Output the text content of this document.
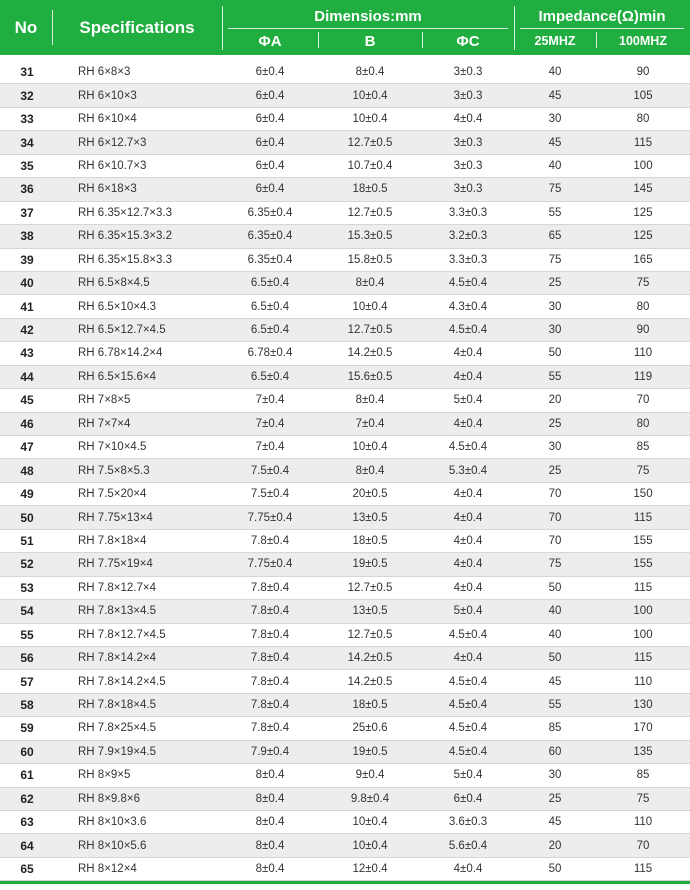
No	Specifications
Dimensios:mm	Impedance(Ω)min
ΦA	B	ΦC	25MHZ	100MHZ
31	RH 6×8×3	6±0.4	8±0.4	3±0.3	40	90
32	RH 6×10×3	6±0.4	10±0.4	3±0.3	45	105
33	RH 6×10×4	6±0.4	10±0.4	4±0.4	30	80
34	RH 6×12.7×3	6±0.4	12.7±0.5	3±0.3	45	115
35	RH 6×10.7×3	6±0.4	10.7±0.4	3±0.3	40	100
36	RH 6×18×3	6±0.4	18±0.5	3±0.3	75	145
37	RH 6.35×12.7×3.3	6.35±0.4	12.7±0.5	3.3±0.3	55	125
38	RH 6.35×15.3×3.2	6.35±0.4	15.3±0.5	3.2±0.3	65	125
39	RH 6.35×15.8×3.3	6.35±0.4	15.8±0.5	3.3±0.3	75	165
40	RH 6.5×8×4.5	6.5±0.4	8±0.4	4.5±0.4	25	75
41	RH 6.5×10×4.3	6.5±0.4	10±0.4	4.3±0.4	30	80
42	RH 6.5×12.7×4.5	6.5±0.4	12.7±0.5	4.5±0.4	30	90
43	RH 6.78×14.2×4	6.78±0.4	14.2±0.5	4±0.4	50	110
44	RH 6.5×15.6×4	6.5±0.4	15.6±0.5	4±0.4	55	119
45	RH 7×8×5	7±0.4	8±0.4	5±0.4	20	70
46	RH 7×7×4	7±0.4	7±0.4	4±0.4	25	80
47	RH 7×10×4.5	7±0.4	10±0.4	4.5±0.4	30	85
48	RH 7.5×8×5.3	7.5±0.4	8±0.4	5.3±0.4	25	75
49	RH 7.5×20×4	7.5±0.4	20±0.5	4±0.4	70	150
50	RH 7.75×13×4	7.75±0.4	13±0.5	4±0.4	70	115
51	RH 7.8×18×4	7.8±0.4	18±0.5	4±0.4	70	155
52	RH 7.75×19×4	7.75±0.4	19±0.5	4±0.4	75	155
53	RH 7.8×12.7×4	7.8±0.4	12.7±0.5	4±0.4	50	115
54	RH 7.8×13×4.5	7.8±0.4	13±0.5	5±0.4	40	100
55	RH 7.8×12.7×4.5	7.8±0.4	12.7±0.5	4.5±0.4	40	100
56	RH 7.8×14.2×4	7.8±0.4	14.2±0.5	4±0.4	50	115
57	RH 7.8×14.2×4.5	7.8±0.4	14.2±0.5	4.5±0.4	45	110
58	RH 7.8×18×4.5	7.8±0.4	18±0.5	4.5±0.4	55	130
59	RH 7.8×25×4.5	7.8±0.4	25±0.6	4.5±0.4	85	170
60	RH 7.9×19×4.5	7.9±0.4	19±0.5	4.5±0.4	60	135
61	RH 8×9×5	8±0.4	9±0.4	5±0.4	30	85
62	RH 8×9.8×6	8±0.4	9.8±0.4	6±0.4	25	75
63	RH 8×10×3.6	8±0.4	10±0.4	3.6±0.3	45	110
64	RH 8×10×5.6	8±0.4	10±0.4	5.6±0.4	20	70
65	RH 8×12×4	8±0.4	12±0.4	4±0.4	50	115
